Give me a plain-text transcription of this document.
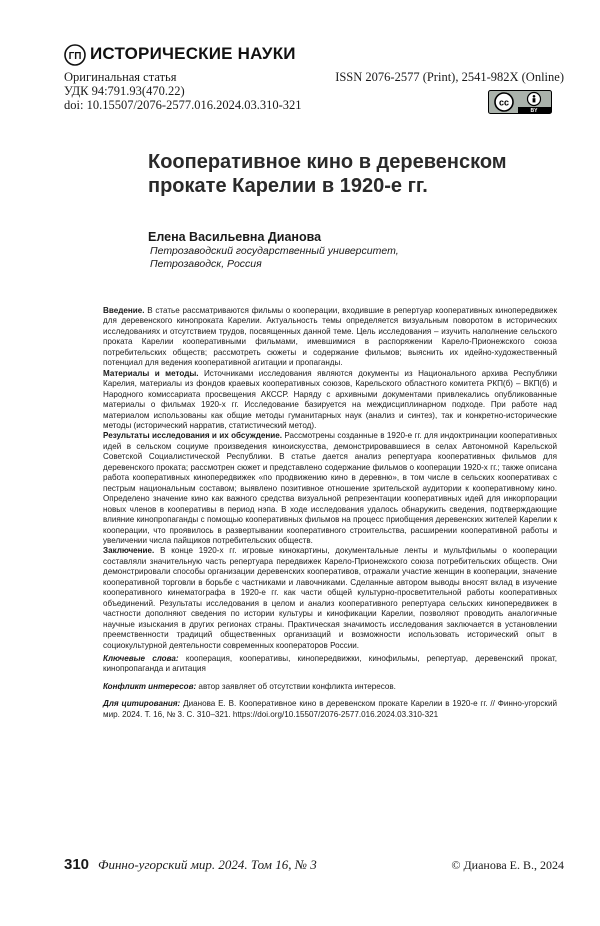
ГП ИСТОРИЧЕСКИЕ НАУКИ
Оригинальная статья
УДК 94:791.93(470.22)
doi: 10.15507/2076-2577.016.2024.03.310-321
ISSN 2076-2577 (Print), 2541-982X (Online)
cc
BY
Кооперативное кино в деревенском прокате Карелии в 1920-е гг.
Елена Васильевна Дианова
Петрозаводский государственный университет,
Петрозаводск, Россия

Введение. В статье рассматриваются фильмы о кооперации, входившие в репертуар кооперативных кинопередвижек для деревенского кинопроката Карелии. Актуальность темы определяется визуальным поворотом в исторических исследованиях и отсутствием трудов, посвященных данной теме. Цель исследования – изучить наполнение сельского проката Карелии кооперативными фильмами, имевшимися в распоряжении Карело-Прионежского союза потребительских обществ; рассмотреть сюжеты и содержание фильмов; выяснить их идейно-художественный потенциал для ведения кооперативной агитации и пропаганды.

Материалы и методы. Источниками исследования являются документы из Национального архива Республики Карелия, материалы из фондов краевых кооперативных союзов, Карельского областного комитета РКП(б) – ВКП(б) и Народного комиссариата просвещения АКССР. Наряду с архивными документами привлекались опубликованные материалы о фильмах 1920-х гг. Исследование базируется на междисциплинарном подходе. При работе над материалом использованы как общие методы гуманитарных наук (анализ и синтез), так и конкретно-исторические методы (исторический нарратив, статистический метод).

Результаты исследования и их обсуждение. Рассмотрены созданные в 1920-е гг. для индоктринации кооперативных идей в сельском социуме произведения киноискусства, демонстрировавшиеся в селах Автономной Карельской Советской Социалистической Республики. В статье дается анализ репертуара кооперативных фильмов для деревенского проката; рассмотрен сюжет и представлено содержание фильмов о кооперации 1920-х гг.; также описана работа кооперативных кинопередвижек «по продвижению кино в деревню», в том числе в сельских кооперативах с пестрым национальным составом; выявлено позитивное отношение зрительской аудитории к кооперативному кино. Определено значение кино как важного средства визуальной репрезентации кооперативных идей для инкорпорации новых членов в кооперативы в период нэпа. В ходе исследования удалось обнаружить сведения, подтверждающие влияние кинопропаганды с помощью кооперативных фильмов на процесс приобщения деревенских жителей Карелии к кооперации, что проявилось в развертывании кооперативного строительства, расширении кооперативной работы и увеличении числа пайщиков потребительских обществ.

Заключение. В конце 1920-х гг. игровые кинокартины, документальные ленты и мультфильмы о кооперации составляли значительную часть репертуара передвижек Карело-Прионежского союза потребительских обществ. Они демонстрировали способы организации деревенских кооперативов, отражали участие женщин в кооперации, значение кооперативной торговли в борьбе с частниками и лавочниками. Сделанные автором выводы вносят вклад в изучение кооперативного кинематографа в 1920-е гг. как части общей культурно-просветительной работы кооперативных объединений. Результаты исследования в целом и анализ кооперативного репертуара сельских кинопередвижек в частности дополняют сведения по истории культуры и кинофикации Карелии, позволяют проводить аналогичные научные изыскания в других регионах страны. Практическая значимость исследования заключается в установлении преемственности традиций общественных организаций и возможности использовать исторический опыт в социокультурной деятельности современных кооператоров России.

Ключевые слова: кооперация, кооперативы, кинопередвижки, кинофильмы, репертуар, деревенский прокат, кинопропаганда и агитация

Конфликт интересов: автор заявляет об отсутствии конфликта интересов.

Для цитирования: Дианова Е. В. Кооперативное кино в деревенском прокате Карелии в 1920-е гг. // Финно-угорский мир. 2024. Т. 16, № 3. С. 310–321. https://doi.org/10.15507/2076-2577.016.2024.03.310-321

310 Финно-угорский мир. 2024. Том 16, № 3	© Дианова Е. В., 2024
